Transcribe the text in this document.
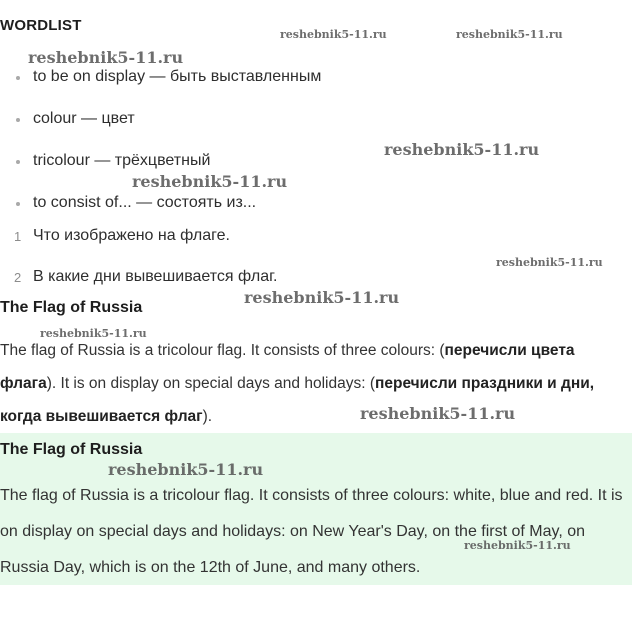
WORDLIST
to be on display — быть выставленным
colour — цвет
tricolour — трёхцветный
to consist of... — состоять из...
1 Что изображено на флаге.
2 В какие дни вывешивается флаг.
The Flag of Russia

The flag of Russia is a tricolour flag. It consists of three colours: (перечисли цвета флага). It is on display on special days and holidays: (перечисли праздники и дни, когда вывешивается флаг).

The Flag of Russia

The flag of Russia is a tricolour flag. It consists of three colours: white, blue and red. It is on display on special days and holidays: on New Year's Day, on the first of May, on Russia Day, which is on the 12th of June, and many others.

reshebnik5-11.ru	reshebnik5-11.ru
reshebnik5-11.ru
reshebnik5-11.ru
reshebnik5-11.ru
reshebnik5-11.ru
reshebnik5-11.ru
reshebnik5-11.ru
reshebnik5-11.ru
reshebnik5-11.ru
reshebnik5-11.ru
